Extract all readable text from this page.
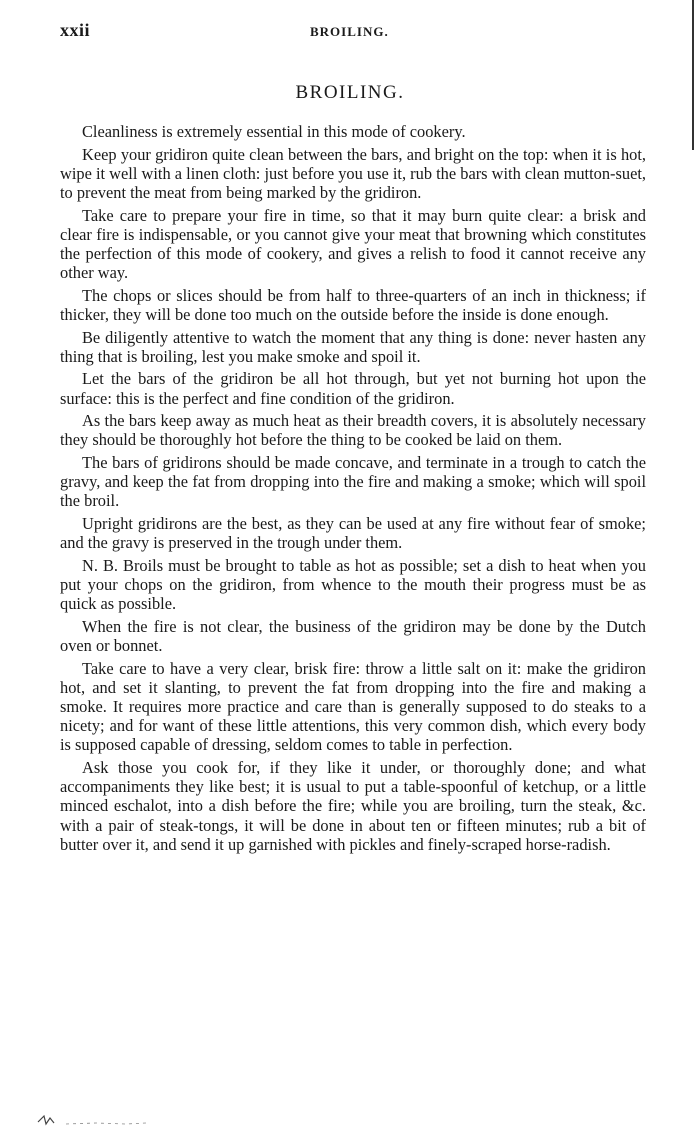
xxii	BROILING.
BROILING.

Cleanliness is extremely essential in this mode of cookery.

Keep your gridiron quite clean between the bars, and bright on the top: when it is hot, wipe it well with a linen cloth: just before you use it, rub the bars with clean mutton-suet, to prevent the meat from being marked by the gridiron.

Take care to prepare your fire in time, so that it may burn quite clear: a brisk and clear fire is indispensable, or you cannot give your meat that browning which constitutes the perfection of this mode of cookery, and gives a relish to food it cannot receive any other way.

The chops or slices should be from half to three-quarters of an inch in thickness; if thicker, they will be done too much on the outside before the inside is done enough.

Be diligently attentive to watch the moment that any thing is done: never hasten any thing that is broiling, lest you make smoke and spoil it.

Let the bars of the gridiron be all hot through, but yet not burning hot upon the surface: this is the perfect and fine condition of the gridiron.

As the bars keep away as much heat as their breadth covers, it is absolutely necessary they should be thoroughly hot before the thing to be cooked be laid on them.

The bars of gridirons should be made concave, and terminate in a trough to catch the gravy, and keep the fat from dropping into the fire and making a smoke; which will spoil the broil.

Upright gridirons are the best, as they can be used at any fire without fear of smoke; and the gravy is preserved in the trough under them.

N. B. Broils must be brought to table as hot as possible; set a dish to heat when you put your chops on the gridiron, from whence to the mouth their progress must be as quick as possible.

When the fire is not clear, the business of the gridiron may be done by the Dutch oven or bonnet.

Take care to have a very clear, brisk fire: throw a little salt on it: make the gridiron hot, and set it slanting, to prevent the fat from dropping into the fire and making a smoke. It requires more practice and care than is generally supposed to do steaks to a nicety; and for want of these little attentions, this very common dish, which every body is supposed capable of dressing, seldom comes to table in perfection.

Ask those you cook for, if they like it under, or thoroughly done; and what accompaniments they like best; it is usual to put a table-spoonful of ketchup, or a little minced eschalot, into a dish before the fire; while you are broiling, turn the steak, &c. with a pair of steak-tongs, it will be done in about ten or fifteen minutes; rub a bit of butter over it, and send it up garnished with pickles and finely-scraped horse-radish.
